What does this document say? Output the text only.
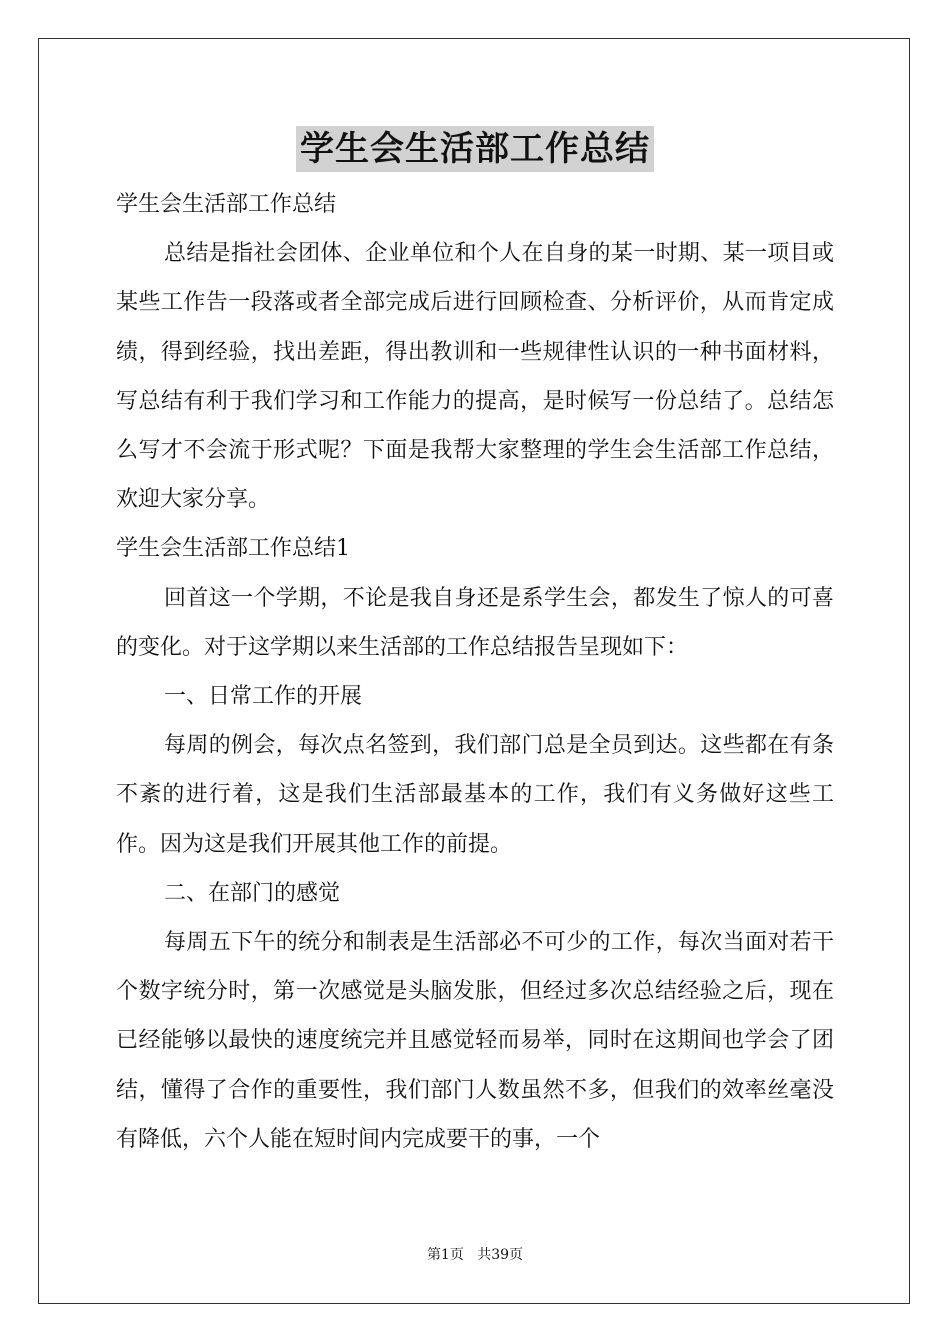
学生会生活部工作总结

学生会生活部工作总结

总结是指社会团体、企业单位和个人在自身的某一时期、某一项目或某些工作告一段落或者全部完成后进行回顾检查、分析评价，从而肯定成绩，得到经验，找出差距，得出教训和一些规律性认识的一种书面材料，写总结有利于我们学习和工作能力的提高，是时候写一份总结了。总结怎么写才不会流于形式呢？下面是我帮大家整理的学生会生活部工作总结，欢迎大家分享。

学生会生活部工作总结1

回首这一个学期，不论是我自身还是系学生会，都发生了惊人的可喜的变化。对于这学期以来生活部的工作总结报告呈现如下：

一、日常工作的开展

每周的例会，每次点名签到，我们部门总是全员到达。这些都在有条不紊的进行着，这是我们生活部最基本的工作，我们有义务做好这些工作。因为这是我们开展其他工作的前提。

二、在部门的感觉

每周五下午的统分和制表是生活部必不可少的工作，每次当面对若干个数字统分时，第一次感觉是头脑发胀，但经过多次总结经验之后，现在已经能够以最快的速度统完并且感觉轻而易举，同时在这期间也学会了团结，懂得了合作的重要性，我们部门人数虽然不多，但我们的效率丝毫没有降低，六个人能在短时间内完成要干的事，一个

第1页 共39页
